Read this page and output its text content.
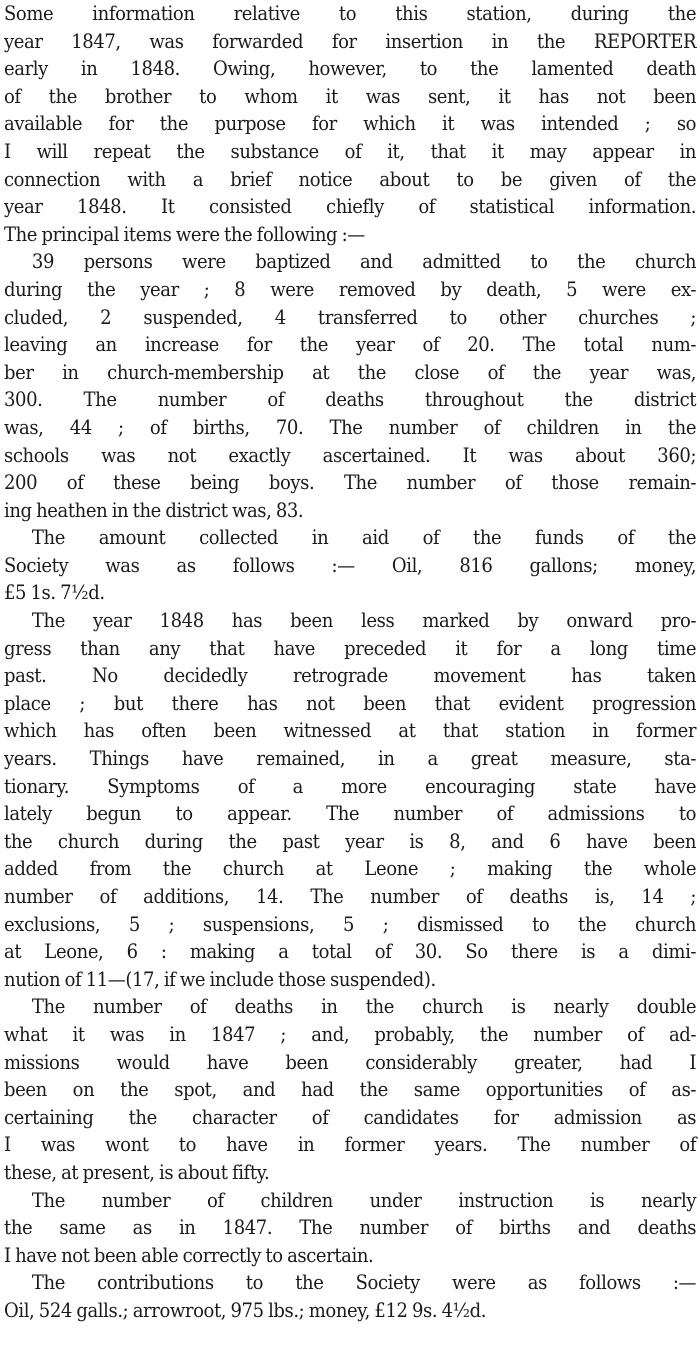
Some information relative to this station, during the
year 1847, was forwarded for insertion in the REPORTER
early in 1848. Owing, however, to the lamented death
of the brother to whom it was sent, it has not been
available for the purpose for which it was intended ; so
I will repeat the substance of it, that it may appear in
connection with a brief notice about to be given of the
year 1848. It consisted chiefly of statistical information.
The principal items were the following :—
39 persons were baptized and admitted to the church
during the year ; 8 were removed by death, 5 were ex-
cluded, 2 suspended, 4 transferred to other churches ;
leaving an increase for the year of 20. The total num-
ber in church-membership at the close of the year was,
300. The number of deaths throughout the district
was, 44 ; of births, 70. The number of children in the
schools was not exactly ascertained. It was about 360;
200 of these being boys. The number of those remain-
ing heathen in the district was, 83.
The amount collected in aid of the funds of the
Society was as follows :— Oil, 816 gallons; money,
£5 1s. 7½d.
The year 1848 has been less marked by onward pro-
gress than any that have preceded it for a long time
past. No decidedly retrograde movement has taken
place ; but there has not been that evident progression
which has often been witnessed at that station in former
years. Things have remained, in a great measure, sta-
tionary. Symptoms of a more encouraging state have
lately begun to appear. The number of admissions to
the church during the past year is 8, and 6 have been
added from the church at Leone ; making the whole
number of additions, 14. The number of deaths is, 14 ;
exclusions, 5 ; suspensions, 5 ; dismissed to the church
at Leone, 6 : making a total of 30. So there is a dimi-
nution of 11—(17, if we include those suspended).
The number of deaths in the church is nearly double
what it was in 1847 ; and, probably, the number of ad-
missions would have been considerably greater, had I
been on the spot, and had the same opportunities of as-
certaining the character of candidates for admission as
I was wont to have in former years. The number of
these, at present, is about fifty.
The number of children under instruction is nearly
the same as in 1847. The number of births and deaths
I have not been able correctly to ascertain.
The contributions to the Society were as follows :—
Oil, 524 galls.; arrowroot, 975 lbs.; money, £12 9s. 4½d.
